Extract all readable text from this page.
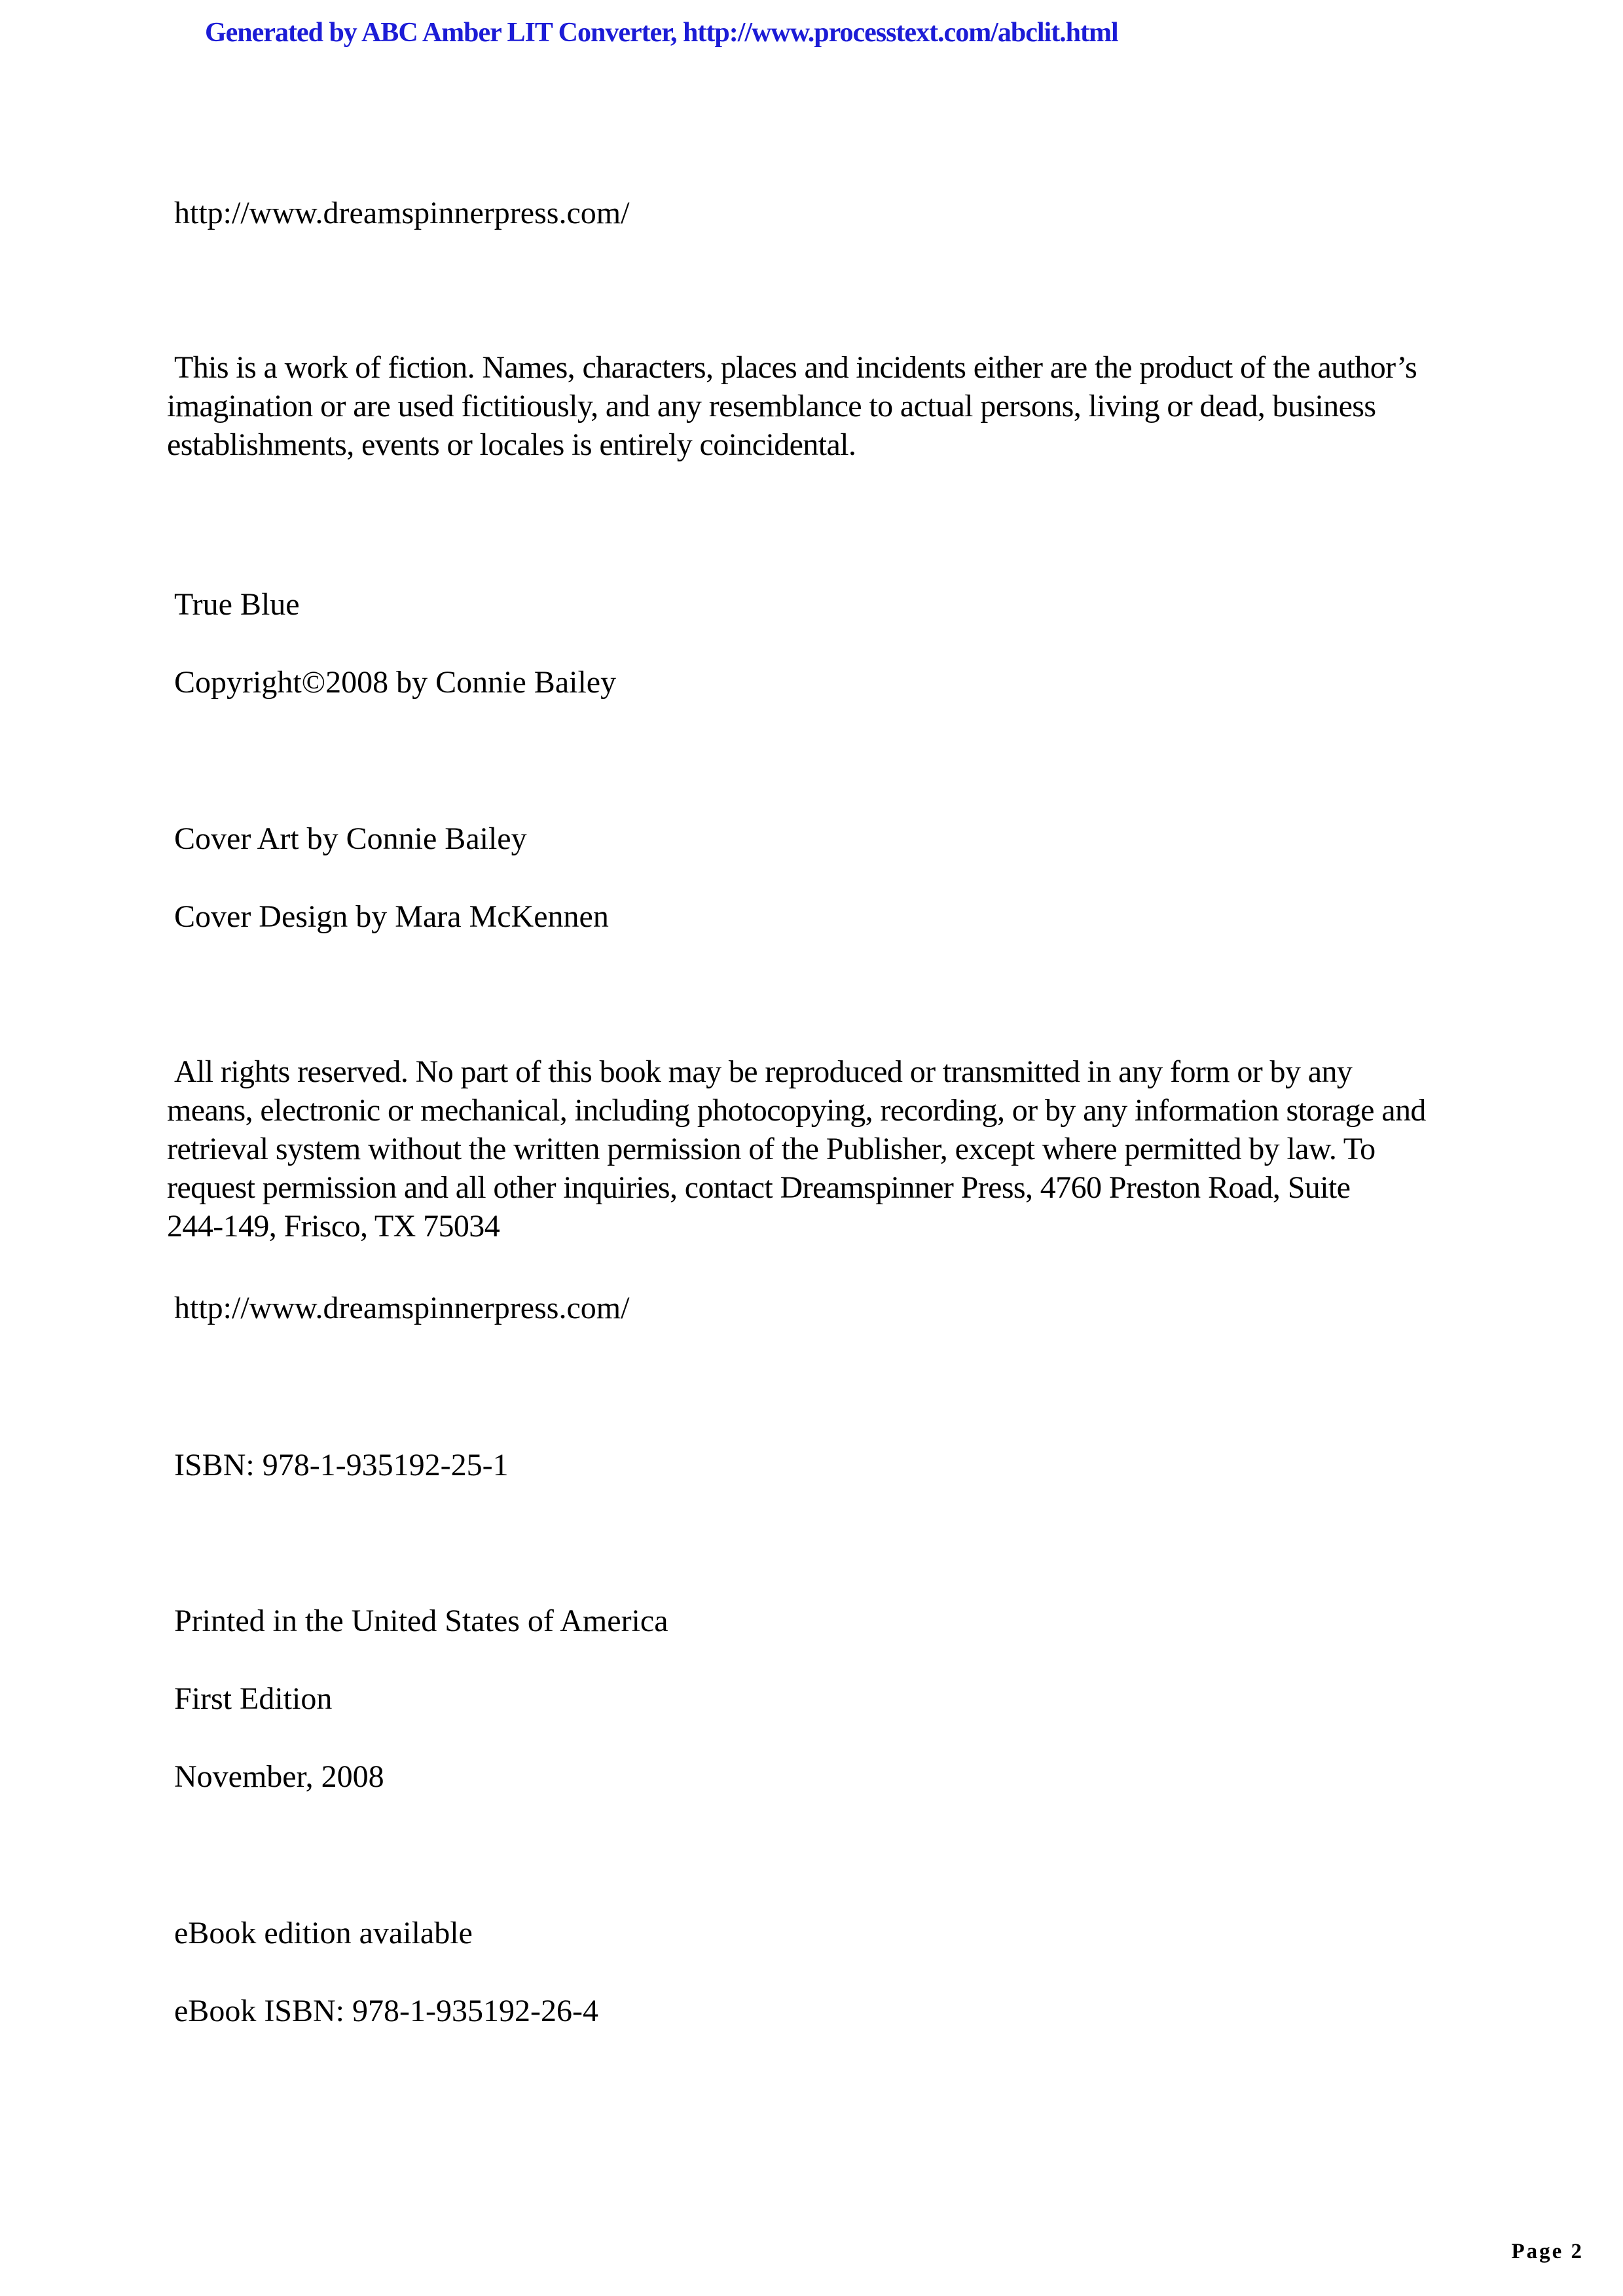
Generated by ABC Amber LIT Converter, http://www.processtext.com/abclit.html
http://www.dreamspinnerpress.com/
This is a work of fiction. Names, characters, places and incidents either are the product of the author’s
imagination or are used fictitiously, and any resemblance to actual persons, living or dead, business
establishments, events or locales is entirely coincidental.
True Blue
Copyright©2008 by Connie Bailey
Cover Art by Connie Bailey
Cover Design by Mara McKennen
All rights reserved. No part of this book may be reproduced or transmitted in any form or by any
means, electronic or mechanical, including photocopying, recording, or by any information storage and
retrieval system without the written permission of the Publisher, except where permitted by law. To
request permission and all other inquiries, contact Dreamspinner Press, 4760 Preston Road, Suite
244-149, Frisco, TX 75034
http://www.dreamspinnerpress.com/
ISBN: 978-1-935192-25-1
Printed in the United States of America
First Edition
November, 2008
eBook edition available
eBook ISBN: 978-1-935192-26-4
Page 2
